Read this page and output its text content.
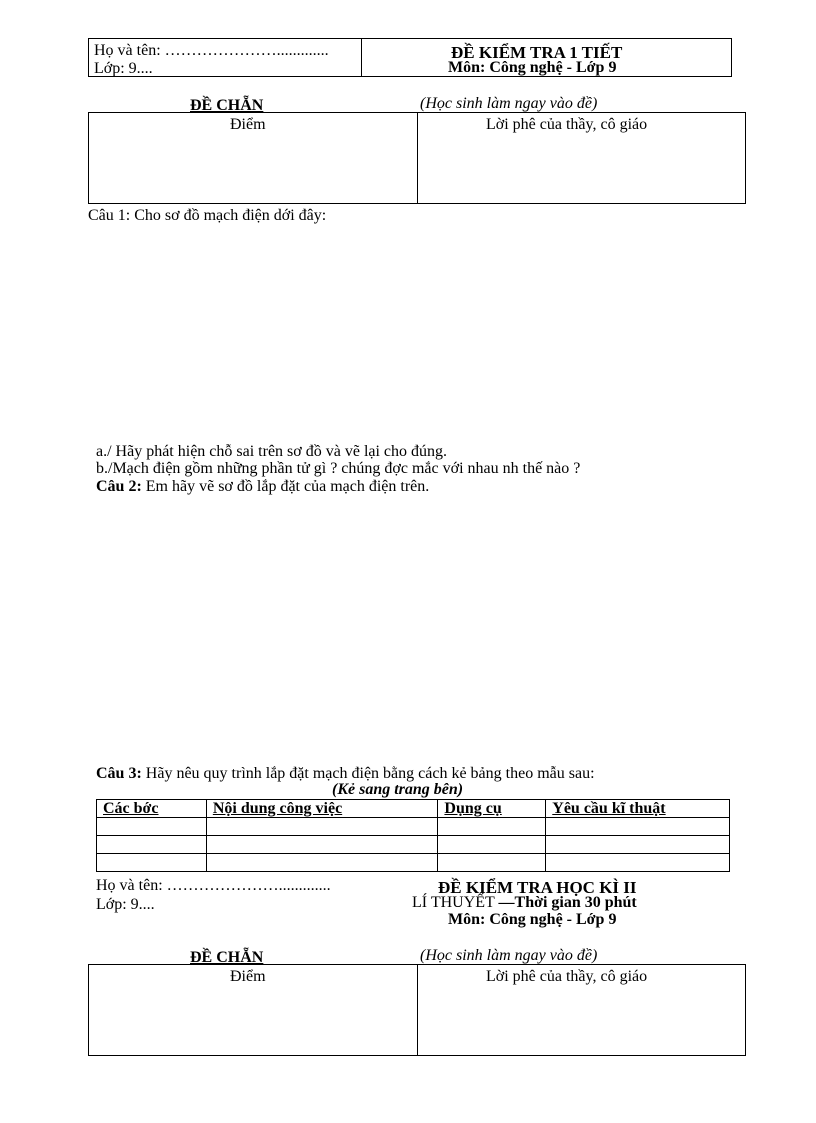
Họ và tên: ………………….............
Lớp: 9....
ĐỀ KIỂM TRA 1 TIẾT
Môn: Công nghệ - Lớp 9
ĐỀ CHẴN	(Học sinh làm ngay vào đề)
Điểm	Lời phê của thầy, cô giáo
Câu 1: Cho sơ đồ mạch điện dới đây:
a./ Hãy phát hiện chỗ sai trên sơ đồ và vẽ lại cho đúng.
b./Mạch điện gồm những phần tử gì ? chúng đợc mắc với nhau nh thế nào ?
Câu 2: Em hãy vẽ sơ đồ lắp đặt của mạch điện trên.
Câu 3: Hãy nêu quy trình lắp đặt mạch điện bằng cách kẻ bảng theo mẫu sau:
(Kẻ sang trang bên)
Các bớc	Nội dung công việc	Dụng cụ	Yêu cầu kĩ thuật

Họ và tên: ………………….............
Lớp: 9....
ĐỀ KIỂM TRA HỌC KÌ II
LÍ THUYẾT —Thời gian 30 phút
Môn: Công nghệ - Lớp 9
ĐỀ CHẴN	(Học sinh làm ngay vào đề)
Điểm	Lời phê của thầy, cô giáo
